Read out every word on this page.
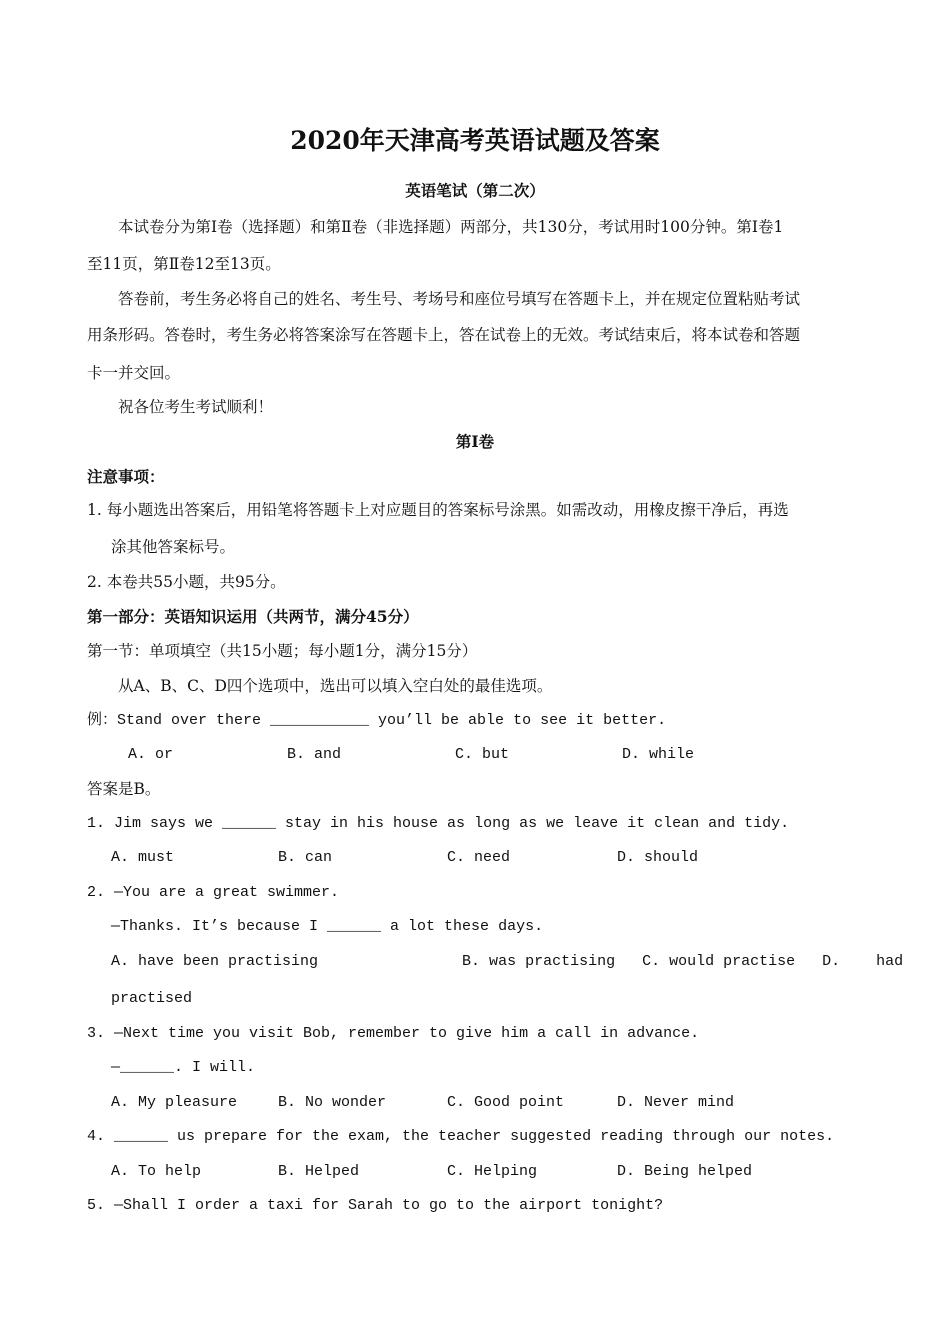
2020年天津高考英语试题及答案
英语笔试（第二次）
本试卷分为第Ⅰ卷（选择题）和第Ⅱ卷（非选择题）两部分，共130分，考试用时100分钟。第Ⅰ卷1
至11页，第Ⅱ卷12至13页。
答卷前，考生务必将自己的姓名、考生号、考场号和座位号填写在答题卡上，并在规定位置粘贴考试
用条形码。答卷时，考生务必将答案涂写在答题卡上，答在试卷上的无效。考试结束后，将本试卷和答题
卡一并交回。
祝各位考生考试顺利！
第Ⅰ卷
注意事项：
1. 每小题选出答案后，用铅笔将答题卡上对应题目的答案标号涂黑。如需改动，用橡皮擦干净后，再选
涂其他答案标号。
2. 本卷共55小题，共95分。
第一部分：英语知识运用（共两节，满分45分）
第一节：单项填空（共15小题；每小题1分，满分15分）
从A、B、C、D四个选项中，选出可以填入空白处的最佳选项。
例：Stand over there ___________ you’ll be able to see it better.
A. or	B. and	C. but	D. while
答案是B。
1. Jim says we ______ stay in his house as long as we leave it clean and tidy.
A. must	B. can	C. need	D. should
2. —You are a great swimmer.
—Thanks. It’s because I ______ a lot these days.
A. have been practising                B. was practising   C. would practise   D.    had
practised
3. —Next time you visit Bob, remember to give him a call in advance.
—______. I will.
A. My pleasure	B. No wonder	C. Good point	D. Never mind
4. ______ us prepare for the exam, the teacher suggested reading through our notes.
A. To help	B. Helped	C. Helping	D. Being helped
5. —Shall I order a taxi for Sarah to go to the airport tonight?
